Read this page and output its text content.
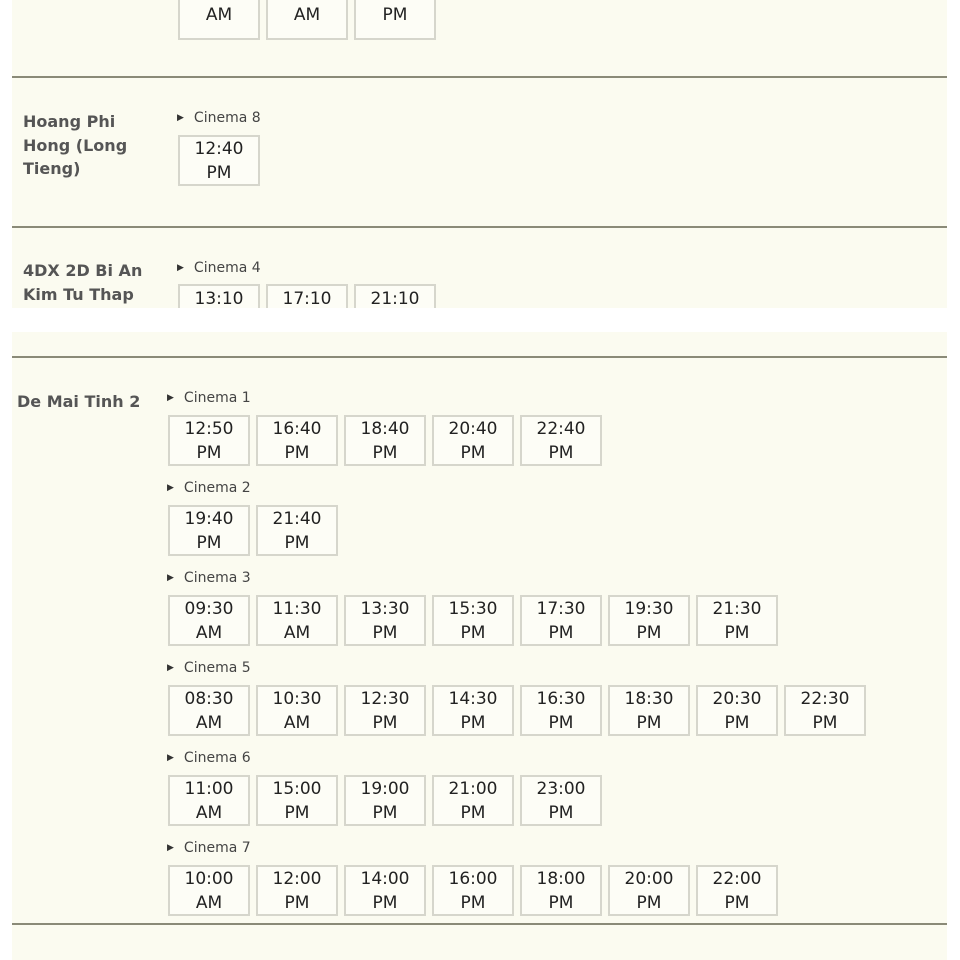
AM	AM	PM
Hoang Phi Hong (Long Tieng)
▶ Cinema 8
12:40
PM
4DX 2D Bi An Kim Tu Thap
▶ Cinema 4
13:10 17:10 21:10
De Mai Tinh 2	▶ Cinema 1
12:50
PM
16:40
PM
18:40
PM
20:40
PM
22:40
PM
▶ Cinema 2
19:40
PM
21:40
PM
▶ Cinema 3
09:30
AM
11:30
AM
13:30
PM
15:30
PM
17:30
PM
19:30
PM
21:30
PM
▶ Cinema 5
08:30
AM
10:30
AM
12:30
PM
14:30
PM
16:30
PM
18:30
PM
20:30
PM
22:30
PM
▶ Cinema 6
11:00
AM
15:00
PM
19:00
PM
21:00
PM
23:00
PM
▶ Cinema 7
10:00
AM
12:00
PM
14:00
PM
16:00
PM
18:00
PM
20:00
PM
22:00
PM
